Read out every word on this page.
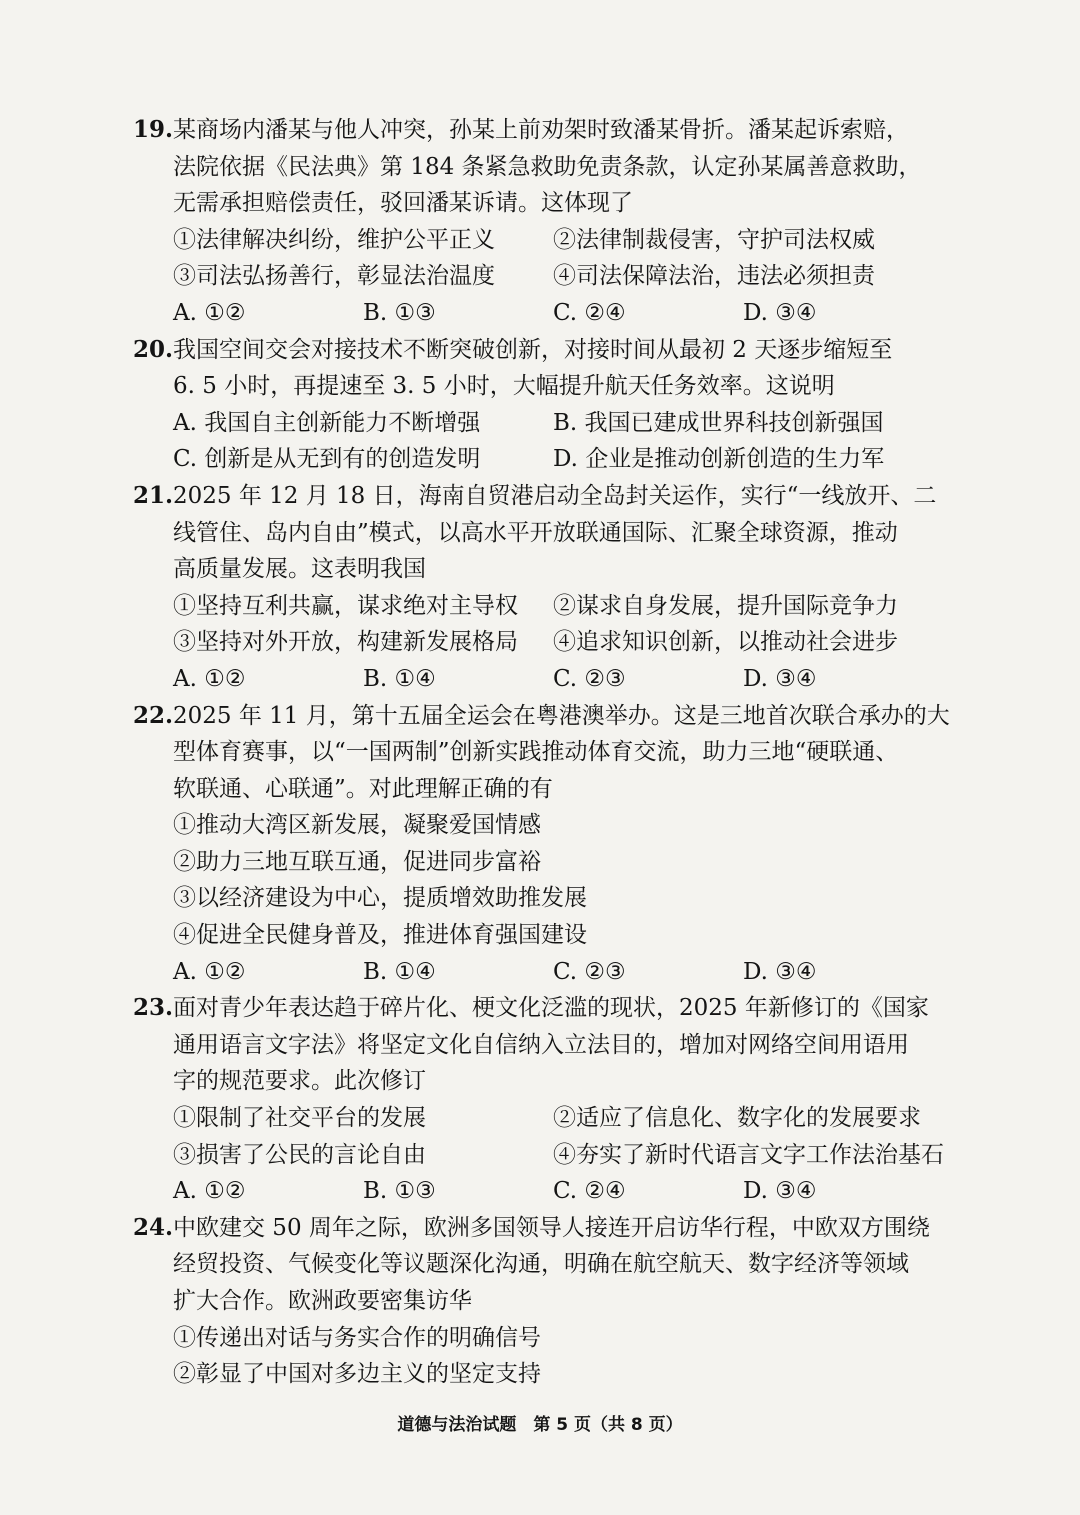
19.某商场内潘某与他人冲突，孙某上前劝架时致潘某骨折。潘某起诉索赔，
法院依据《民法典》第 184 条紧急救助免责条款，认定孙某属善意救助，
无需承担赔偿责任，驳回潘某诉请。这体现了
①法律解决纠纷，维护公平正义	②法律制裁侵害，守护司法权威
③司法弘扬善行，彰显法治温度	④司法保障法治，违法必须担责
A. ①②	B. ①③	C. ②④	D. ③④
20.我国空间交会对接技术不断突破创新，对接时间从最初 2 天逐步缩短至
6. 5 小时，再提速至 3. 5 小时，大幅提升航天任务效率。这说明
A. 我国自主创新能力不断增强	B. 我国已建成世界科技创新强国
C. 创新是从无到有的创造发明	D. 企业是推动创新创造的生力军
21.2025 年 12 月 18 日，海南自贸港启动全岛封关运作，实行“一线放开、二
线管住、岛内自由”模式，以高水平开放联通国际、汇聚全球资源，推动
高质量发展。这表明我国
①坚持互利共赢，谋求绝对主导权	②谋求自身发展，提升国际竞争力
③坚持对外开放，构建新发展格局	④追求知识创新，以推动社会进步
A. ①②	B. ①④	C. ②③	D. ③④
22.2025 年 11 月，第十五届全运会在粤港澳举办。这是三地首次联合承办的大
型体育赛事，以“一国两制”创新实践推动体育交流，助力三地“硬联通、
软联通、心联通”。对此理解正确的有
①推动大湾区新发展，凝聚爱国情感
②助力三地互联互通，促进同步富裕
③以经济建设为中心，提质增效助推发展
④促进全民健身普及，推进体育强国建设
A. ①②	B. ①④	C. ②③	D. ③④
23.面对青少年表达趋于碎片化、梗文化泛滥的现状，2025 年新修订的《国家
通用语言文字法》将坚定文化自信纳入立法目的，增加对网络空间用语用
字的规范要求。此次修订
①限制了社交平台的发展	②适应了信息化、数字化的发展要求
③损害了公民的言论自由	④夯实了新时代语言文字工作法治基石
A. ①②	B. ①③	C. ②④	D. ③④
24.中欧建交 50 周年之际，欧洲多国领导人接连开启访华行程，中欧双方围绕
经贸投资、气候变化等议题深化沟通，明确在航空航天、数字经济等领域
扩大合作。欧洲政要密集访华
①传递出对话与务实合作的明确信号
②彰显了中国对多边主义的坚定支持
道德与法治试题　第 5 页（共 8 页）
